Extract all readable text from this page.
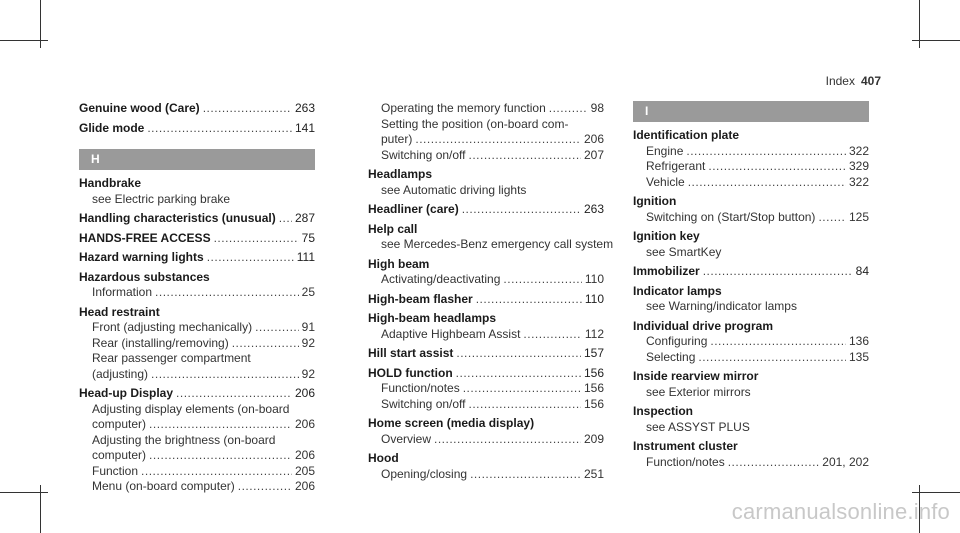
Index 407
Genuine wood (Care) .....	263
Glide mode .....	141
H
Handbrake
see Electric parking brake
Handling characteristics (unusual) ..... 287
HANDS-FREE ACCESS .....	75
Hazard warning lights .....	111
Hazardous substances
Information .....	25
Head restraint
Front (adjusting mechanically) .....	91
Rear (installing/removing) .....	92
Rear passenger compartment
(adjusting) .....	92
Head-up Display .....	206
Adjusting display elements (on-board
computer) .....	206
Adjusting the brightness (on-board
computer) .....	206
Function .....	205
Menu (on-board computer) .....	206
Operating the memory function .....	98
Setting the position (on-board com-
puter) .....	206
Switching on/off .....	207
Headlamps
see Automatic driving lights
Headliner (care) .....	263
Help call
see Mercedes-Benz emergency call system
High beam
Activating/deactivating .....	110
High-beam flasher .....	110
High-beam headlamps
Adaptive Highbeam Assist .....	112
Hill start assist .....	157
HOLD function .....	156
Function/notes .....	156
Switching on/off .....	156
Home screen (media display)
Overview .....	209
Hood
Opening/closing .....	251
I
Identification plate
Engine .....	322
Refrigerant .....	329
Vehicle .....	322
Ignition
Switching on (Start/Stop button) .....	125
Ignition key
see SmartKey
Immobilizer .....	84
Indicator lamps
see Warning/indicator lamps
Individual drive program
Configuring .....	136
Selecting .....	135
Inside rearview mirror
see Exterior mirrors
Inspection
see ASSYST PLUS
Instrument cluster
Function/notes .....	201, 202
carmanualsonline.info
